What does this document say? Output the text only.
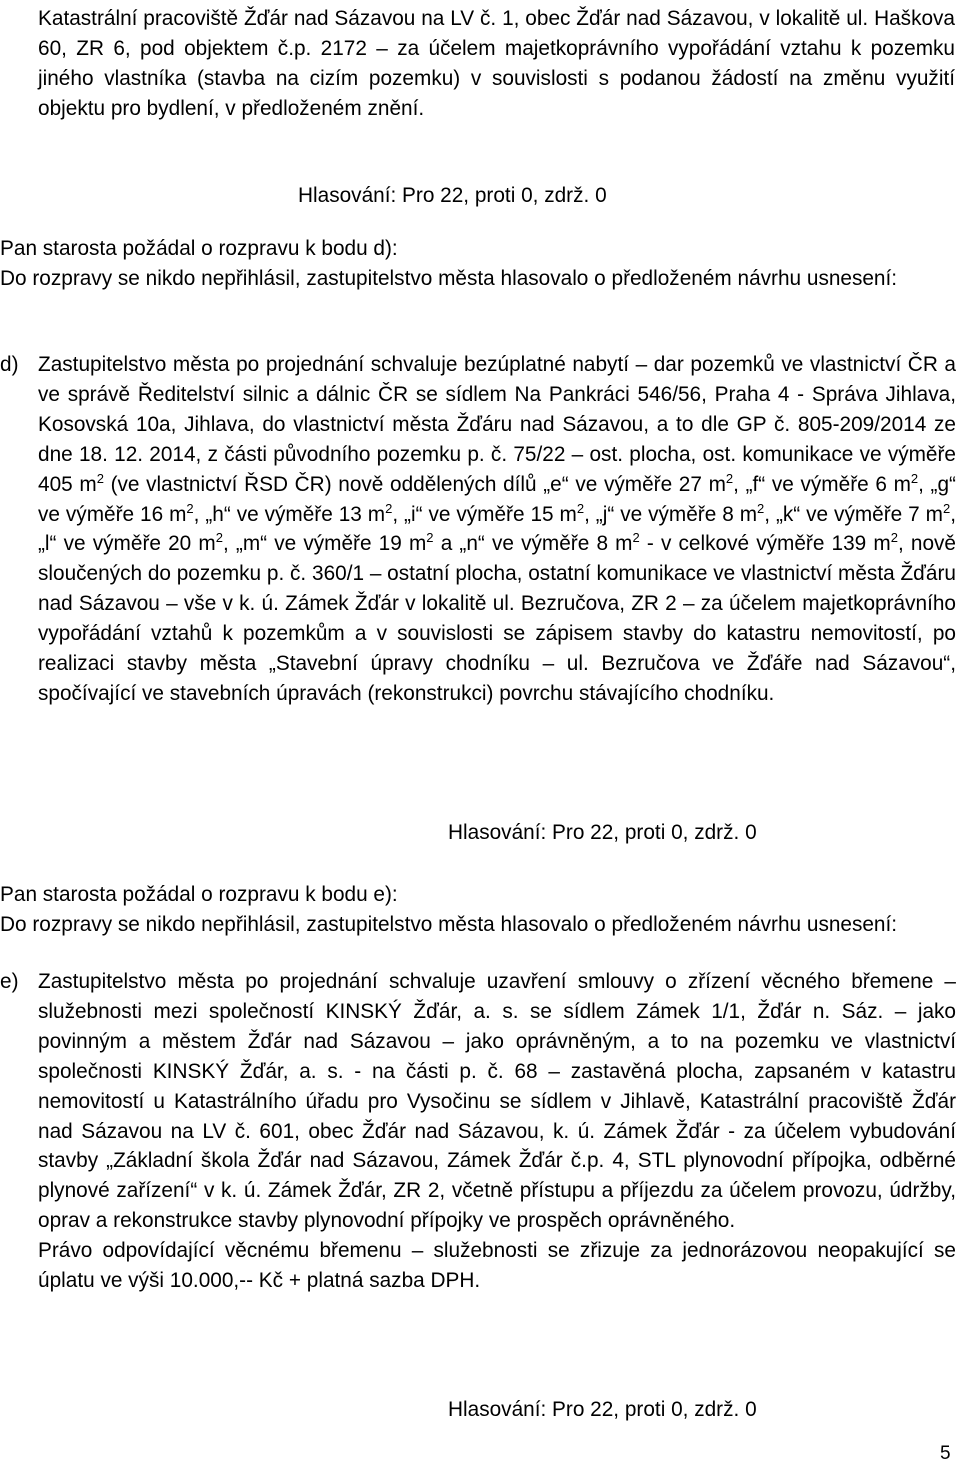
Katastrální pracoviště Žďár nad Sázavou na LV č. 1, obec Žďár nad Sázavou, v lokalitě ul. Haškova 60, ZR 6, pod objektem č.p. 2172 – za účelem majetkoprávního vypořádání vztahu k pozemku jiného vlastníka (stavba na cizím pozemku) v souvislosti s podanou žádostí na změnu využití objektu pro bydlení, v předloženém znění.
Hlasování: Pro 22, proti 0, zdrž. 0
Pan starosta požádal o rozpravu k bodu d):
Do rozpravy se nikdo nepřihlásil, zastupitelstvo města hlasovalo o předloženém návrhu usnesení:
d) Zastupitelstvo města po projednání schvaluje bezúplatné nabytí – dar pozemků ve vlastnictví ČR a ve správě Ředitelství silnic a dálnic ČR se sídlem Na Pankráci 546/56, Praha 4 - Správa Jihlava, Kosovská 10a, Jihlava, do vlastnictví města Žďáru nad Sázavou, a to dle GP č. 805-209/2014 ze dne 18. 12. 2014, z části původního pozemku p. č. 75/22 – ost. plocha, ost. komunikace ve výměře 405 $m^2$ (ve vlastnictví ŘSD ČR) nově oddělených dílů „e“ ve výměře 27 $m^2$, „f“ ve výměře 6 $m^2$, „g“ ve výměře 16 $m^2$, „h“ ve výměře 13 $m^2$, „i“ ve výměře 15 $m^2$, „j“ ve výměře 8 $m^2$, „k“ ve výměře 7 $m^2$, „l“ ve výměře 20 $m^2$, „m“ ve výměře 19 $m^2$ a „n“ ve výměře 8 $m^2$ - v celkové výměře 139 $m^2$, nově sloučených do pozemku p. č. 360/1 – ostatní plocha, ostatní komunikace ve vlastnictví města Žďáru nad Sázavou – vše v k. ú. Zámek Žďár v lokalitě ul. Bezručova, ZR 2 – za účelem majetkoprávního vypořádání vztahů k pozemkům a v souvislosti se zápisem stavby do katastru nemovitostí, po realizaci stavby města „Stavební úpravy chodníku – ul. Bezručova ve Žďáře nad Sázavou“, spočívající ve stavebních úpravách (rekonstrukci) povrchu stávajícího chodníku.
Hlasování: Pro 22, proti 0, zdrž. 0
Pan starosta požádal o rozpravu k bodu e):
Do rozpravy se nikdo nepřihlásil, zastupitelstvo města hlasovalo o předloženém návrhu usnesení:
e) Zastupitelstvo města po projednání schvaluje uzavření smlouvy o zřízení věcného břemene – služebnosti mezi společností KINSKÝ Žďár, a. s. se sídlem Zámek 1/1, Žďár n. Sáz. – jako povinným a městem Žďár nad Sázavou – jako oprávněným, a to na pozemku ve vlastnictví společnosti KINSKÝ Žďár, a. s. - na části p. č. 68 – zastavěná plocha, zapsaném v katastru nemovitostí u Katastrálního úřadu pro Vysočinu se sídlem v Jihlavě, Katastrální pracoviště Žďár nad Sázavou na LV č. 601, obec Žďár nad Sázavou, k. ú. Zámek Žďár - za účelem vybudování stavby „Základní škola Žďár nad Sázavou, Zámek Žďár č.p. 4, STL plynovodní přípojka, odběrné plynové zařízení“ v k. ú. Zámek Žďár, ZR 2, včetně přístupu a příjezdu za účelem provozu, údržby, oprav a rekonstrukce stavby plynovodní přípojky ve prospěch oprávněného.
Právo odpovídající věcnému břemenu – služebnosti se zřizuje za jednorázovou neopakující se úplatu ve výši 10.000,-- Kč + platná sazba DPH.
Hlasování: Pro 22, proti 0, zdrž. 0
5
